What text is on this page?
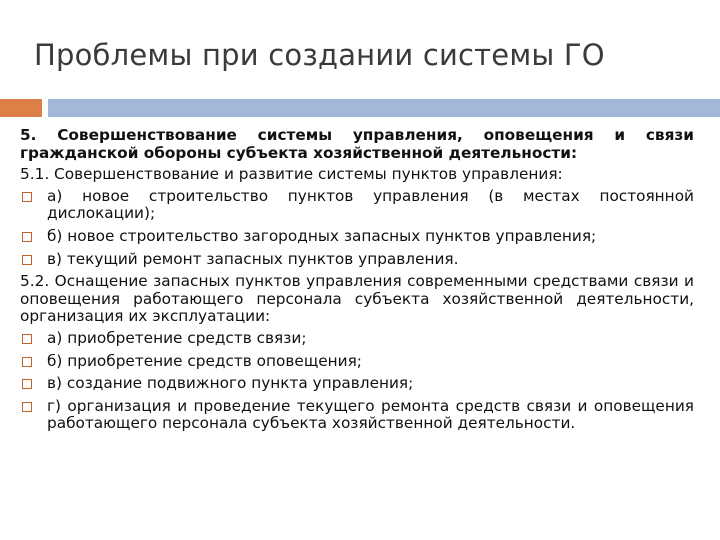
Проблемы при создании системы ГО

5. Совершенствование системы управления, оповещения и связи гражданской обороны субъекта хозяйственной деятельности:

5.1. Совершенствование и развитие системы пунктов управления:

а) новое строительство пунктов управления (в местах постоянной дислокации);
б) новое строительство загородных запасных пунктов управления;
в) текущий ремонт запасных пунктов управления.

5.2. Оснащение запасных пунктов управления современными средствами связи и оповещения работающего персонала субъекта хозяйственной деятельности, организация их эксплуатации:

а) приобретение средств связи;
б) приобретение средств оповещения;
в) создание подвижного пункта управления;
г) организация и проведение текущего ремонта средств связи и оповещения работающего персонала субъекта хозяйственной деятельности.
